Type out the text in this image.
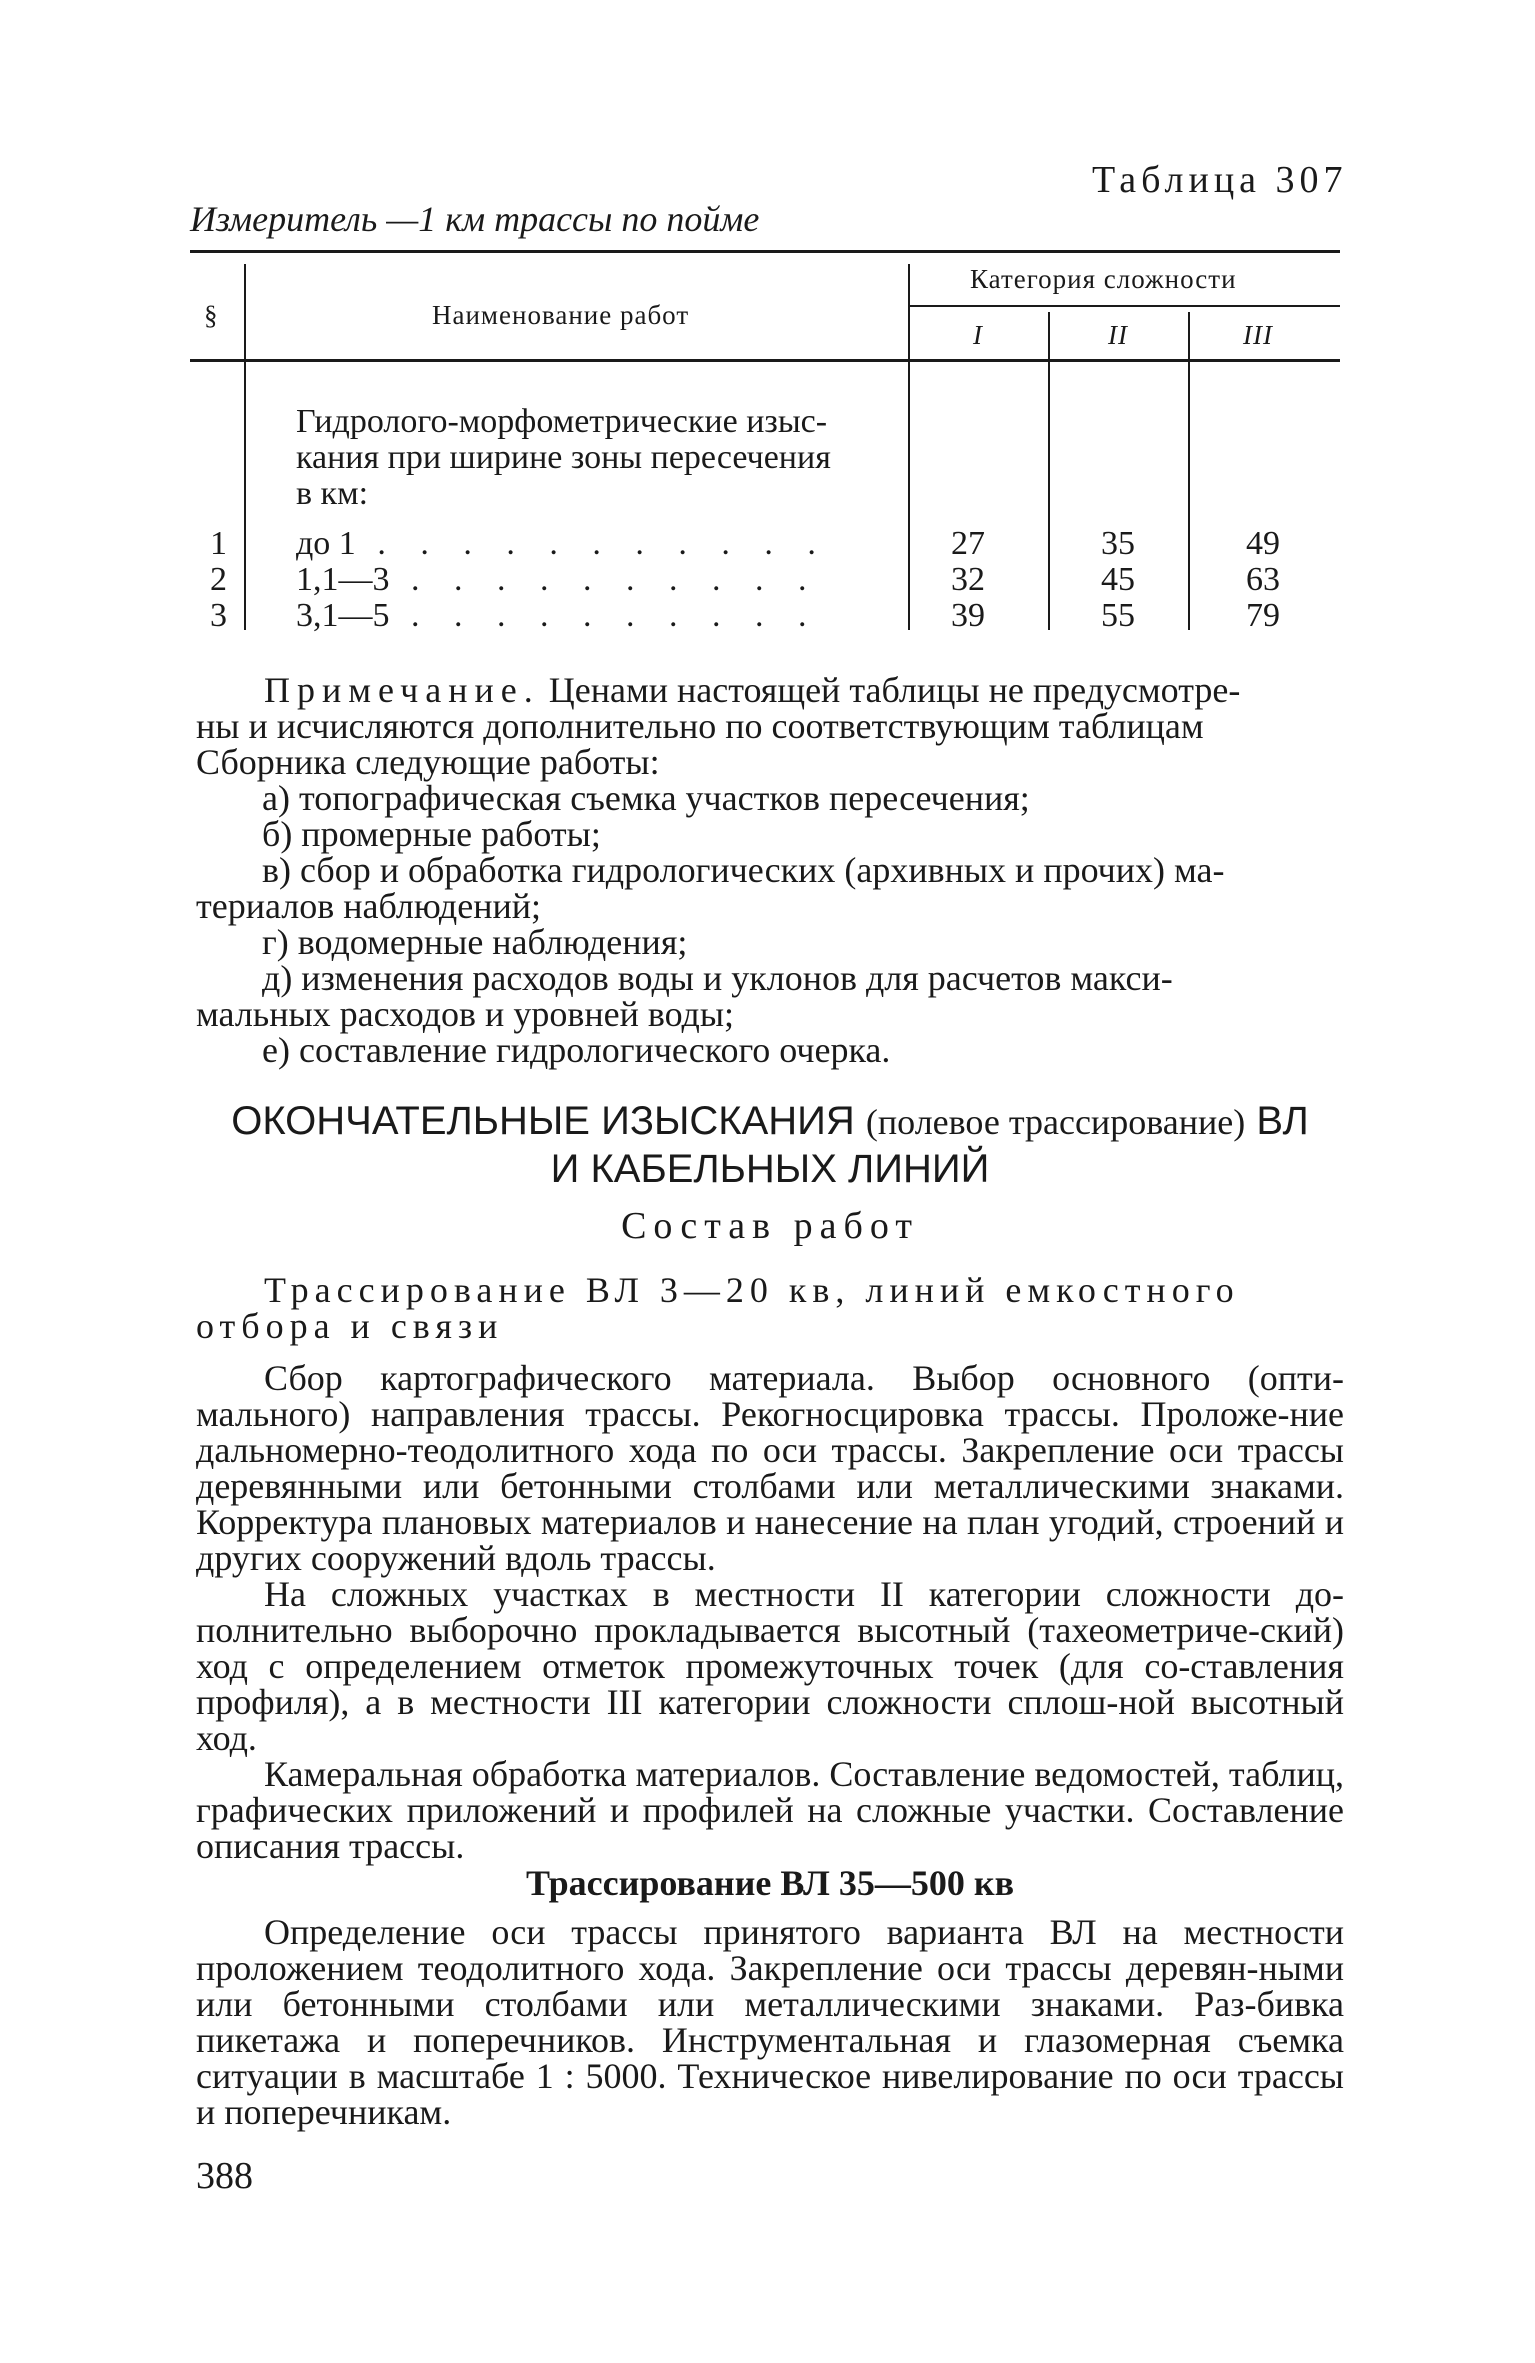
Таблица 307
Измеритель —1 км трассы по пойме
§	Наименование работ
Категория сложности
I	II	III
Гидролого-морфометрические изыс-
кания при ширине зоны пересечения
в км:
1 до 1 . . . . . . . . . . .	27	35	49
2 1,1—3 . . . . . . . . . .	32	45	63
3 3,1—5 . . . . . . . . . .	39	55	79
Примечание. Ценами настоящей таблицы не предусмотре-
ны и исчисляются дополнительно по соответствующим таблицам
Сборника следующие работы:
а) топографическая съемка участков пересечения;
б) промерные работы;
в) сбор и обработка гидрологических (архивных и прочих) ма-
териалов наблюдений;
г) водомерные наблюдения;
д) изменения расходов воды и уклонов для расчетов макси-
мальных расходов и уровней воды;
е) составление гидрологического очерка.
ОКОНЧАТЕЛЬНЫЕ ИЗЫСКАНИЯ (полевое трассирование) ВЛ
И КАБЕЛЬНЫХ ЛИНИЙ
Состав работ
Трассирование ВЛ 3—20 кв, линий емкостного
отбора и связи
Сбор картографического материала. Выбор основного (опти-мального) направления трассы. Рекогносцировка трассы. Проложе-ние дальномерно-теодолитного хода по оси трассы. Закрепление оси трассы деревянными или бетонными столбами или металлическими знаками. Корректура плановых материалов и нанесение на план угодий, строений и других сооружений вдоль трассы.
На сложных участках в местности II категории сложности до-полнительно выборочно прокладывается высотный (тахеометриче-ский) ход с определением отметок промежуточных точек (для со-ставления профиля), а в местности III категории сложности сплош-ной высотный ход.
Камеральная обработка материалов. Составление ведомостей, таблиц, графических приложений и профилей на сложные участки. Составление описания трассы.
Трассирование ВЛ 35—500 кв
Определение оси трассы принятого варианта ВЛ на местности проложением теодолитного хода. Закрепление оси трассы деревян-ными или бетонными столбами или металлическими знаками. Раз-бивка пикетажа и поперечников. Инструментальная и глазомерная съемка ситуации в масштабе 1 : 5000. Техническое нивелирование по оси трассы и поперечникам.
388
